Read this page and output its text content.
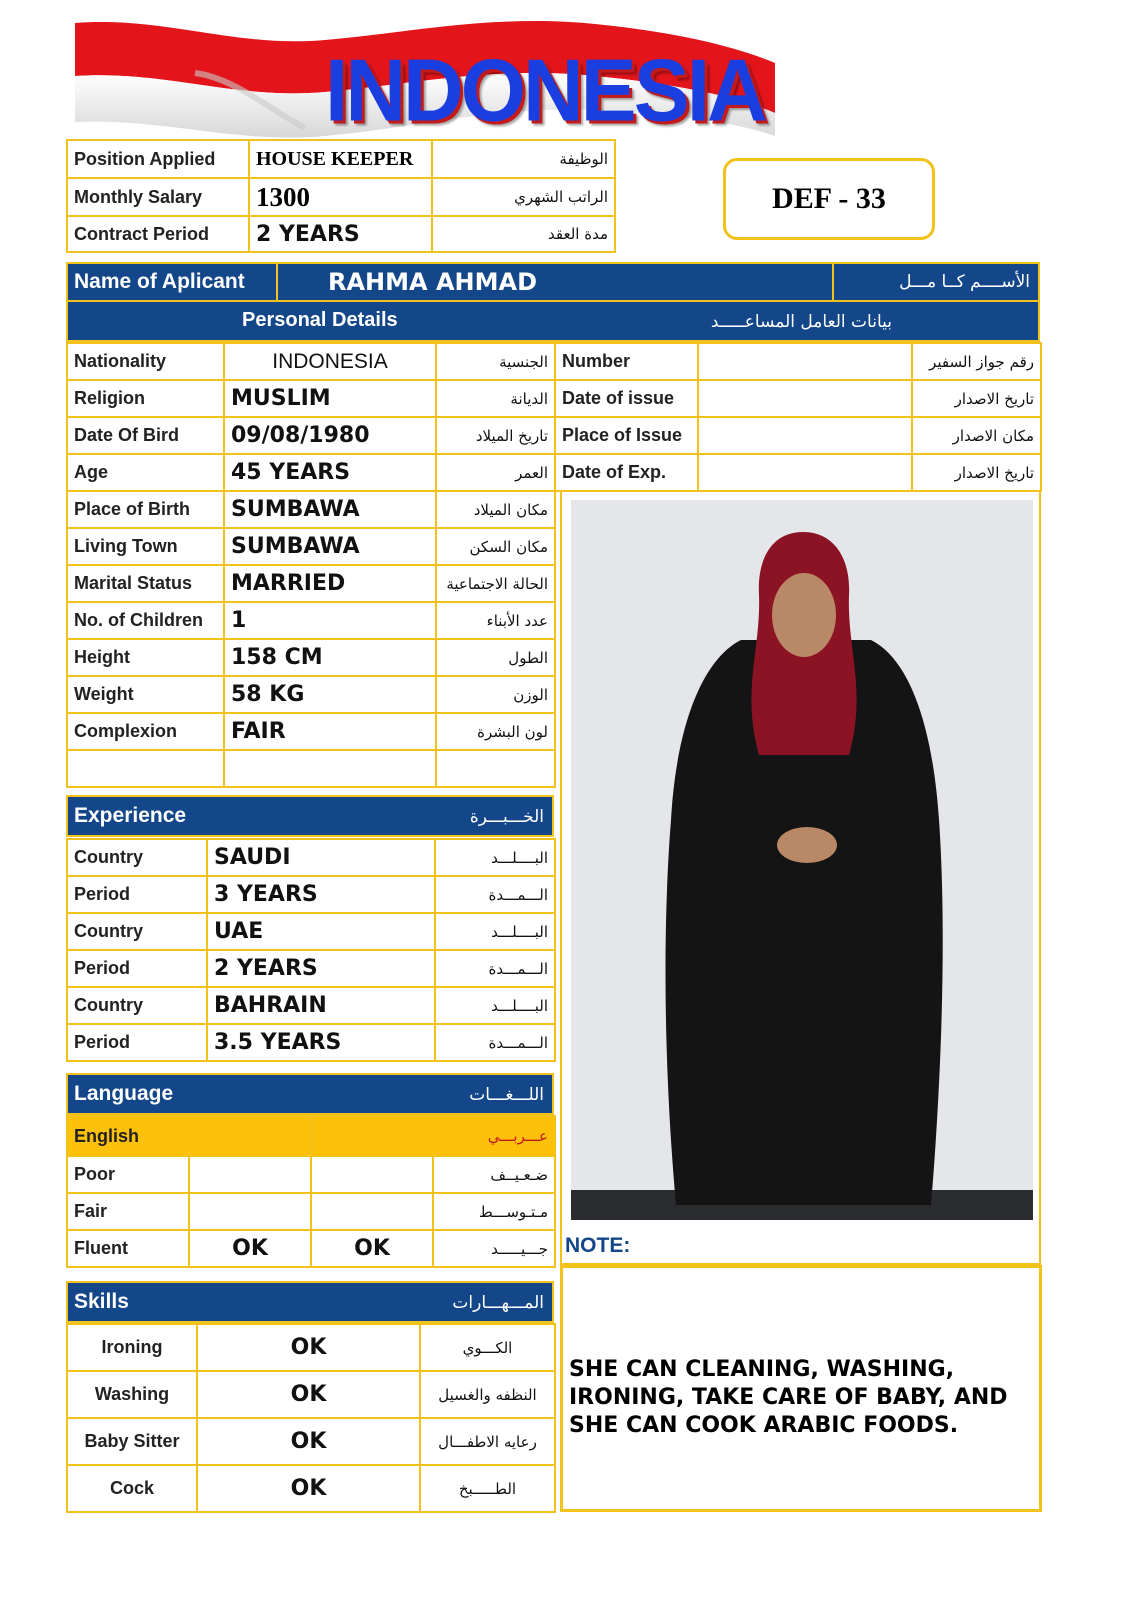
INDONESIA
Position Applied	HOUSE KEEPER	الوظيفة
Monthly Salary	1300	الراتب الشهري
Contract Period	2 YEARS	مدة العقد
DEF - 33
Name of Aplicant	RAHMA AHMAD	الأســــم كــا مـــل
Personal Details	بيانات العامل المساعـــــد
Nationality	INDONESIA	الجنسية
Religion	MUSLIM	الديانة
Date Of Bird	09/08/1980	تاريخ الميلاد
Age	45 YEARS	العمر
Place of Birth	SUMBAWA	مكان الميلاد
Living Town	SUMBAWA	مكان السكن
Marital Status	MARRIED	الحالة الاجتماعية
No. of Children	1	عدد الأبناء
Height	158 CM	الطول
Weight	58 KG	الوزن
Complexion	FAIR	لون البشرة

Number		رقم جواز السفير
Date of issue		تاريخ الاصدار
Place of Issue		مكان الاصدار
Date of Exp.		تاريخ الاصدار
Experience	الخـــبـــرة
Country	SAUDI	البــــلـــد
Period	3 YEARS	الـــمـــدة
Country	UAE	البــــلـــد
Period	2 YEARS	الـــمـــدة
Country	BAHRAIN	البــــلـــد
Period	3.5 YEARS	الـــمـــدة
Language	اللـــغـــات
English		عـــربـــي	
Poor			ضـعـيــف
Fair			مـتـوســـط
Fluent	OK	OK	جـــيـــــد
Skills	المـــهـــارات
Ironing	OK	الكـــوي
Washing	OK	النظفه والغسيل
Baby Sitter	OK	رعايه الاطفـــال
Cock	OK	الطـــــبخ
NOTE:
SHE CAN CLEANING, WASHING, IRONING, TAKE CARE OF BABY, AND SHE CAN COOK ARABIC FOODS.
